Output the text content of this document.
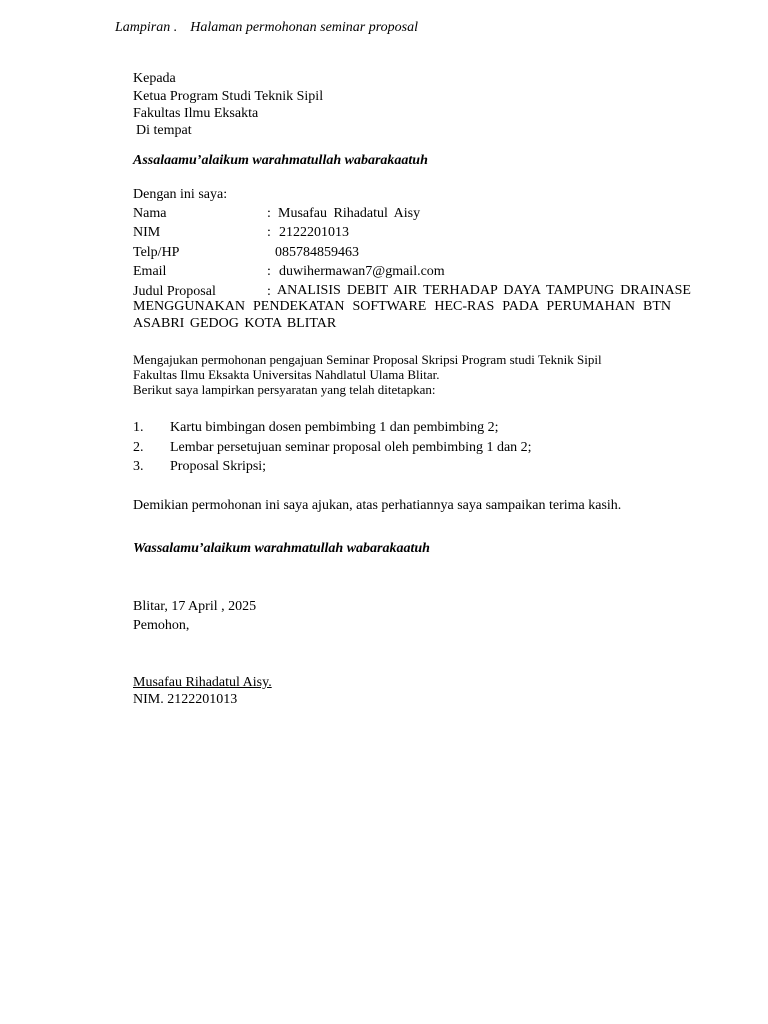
Lampiran . Halaman permohonan seminar proposal
Kepada
Ketua Program Studi Teknik Sipil
Fakultas Ilmu Eksakta
Di tempat
Assalaamu’alaikum warahmatullah wabarakaatuh
Dengan ini saya:
Nama	: Musafau Rihadatul Aisy
NIM	: 2122201013
Telp/HP	085784859463
Email	: duwihermawan7@gmail.com
Judul Proposal	: ANALISIS DEBIT AIR TERHADAP DAYA TAMPUNG DRAINASE
MENGGUNAKAN PENDEKATAN SOFTWARE HEC-RAS PADA PERUMAHAN BTN
ASABRI GEDOG KOTA BLITAR
Mengajukan permohonan pengajuan Seminar Proposal Skripsi Program studi Teknik Sipil
Fakultas Ilmu Eksakta Universitas Nahdlatul Ulama Blitar.
Berikut saya lampirkan persyaratan yang telah ditetapkan:
1. Kartu bimbingan dosen pembimbing 1 dan pembimbing 2;
2. Lembar persetujuan seminar proposal oleh pembimbing 1 dan 2;
3. Proposal Skripsi;
Demikian permohonan ini saya ajukan, atas perhatiannya saya sampaikan terima kasih.
Wassalamu’alaikum warahmatullah wabarakaatuh
Blitar, 17 April , 2025
Pemohon,
Musafau Rihadatul Aisy.
NIM. 2122201013
